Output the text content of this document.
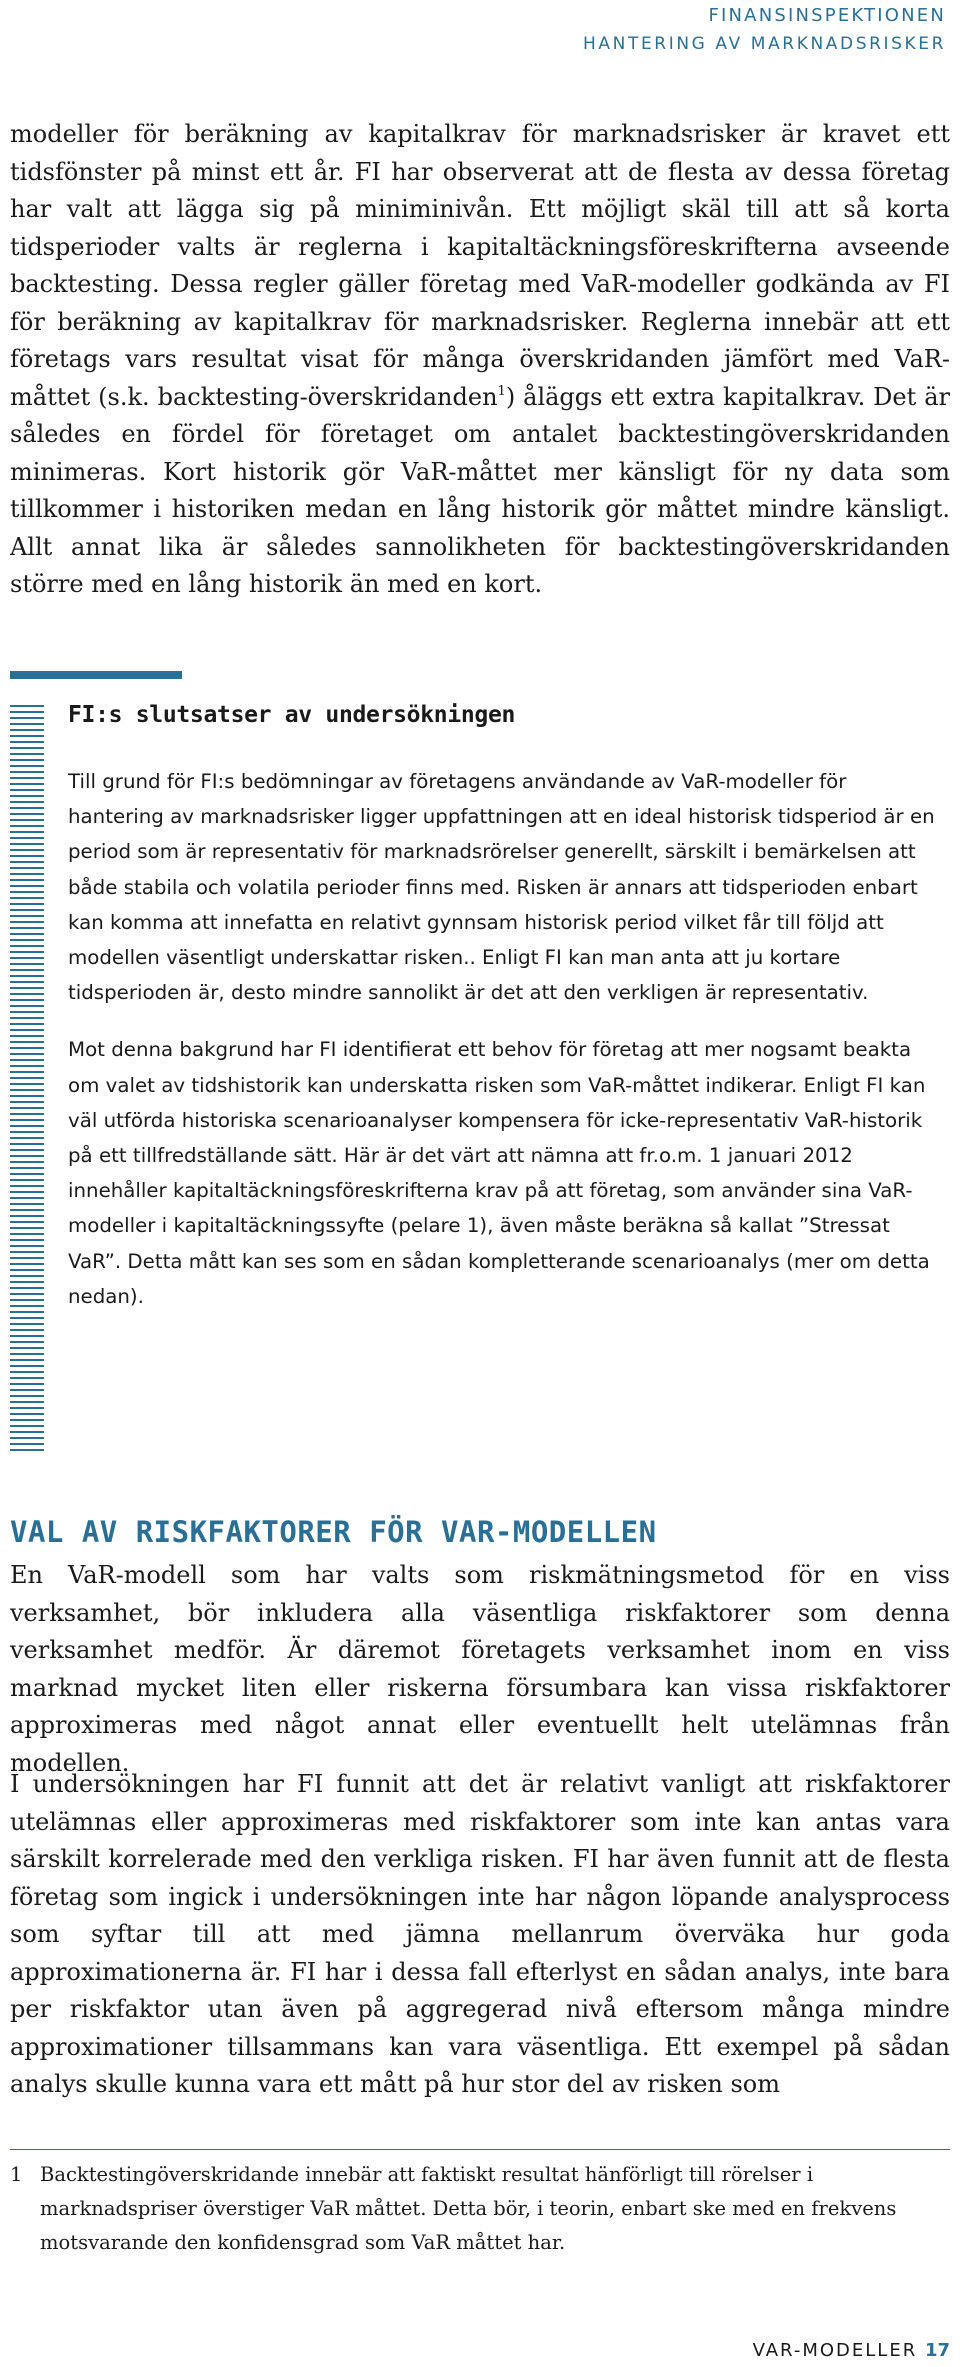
FINANSINSPEKTIONEN
HANTERING AV MARKNADSRISKER

modeller för beräkning av kapitalkrav för marknadsrisker är kravet ett tidsfönster på minst ett år. FI har observerat att de flesta av dessa företag har valt att lägga sig på miniminivån. Ett möjligt skäl till att så korta tidsperioder valts är reglerna i kapitaltäckningsföreskrifterna avseende backtesting. Dessa regler gäller företag med VaR-modeller godkända av FI för beräkning av kapitalkrav för marknadsrisker. Reglerna innebär att ett företags vars resultat visat för många överskridanden jämfört med VaR-måttet (s.k. backtesting-överskridanden$^1$) åläggs ett extra kapitalkrav. Det är således en fördel för företaget om antalet backtestingöverskridanden minimeras. Kort historik gör VaR-måttet mer känsligt för ny data som tillkommer i historiken medan en lång historik gör måttet mindre känsligt. Allt annat lika är således sannolikheten för backtestingöverskridanden större med en lång historik än med en kort.

FI:s slutsatser av undersökningen

Till grund för FI:s bedömningar av företagens användande av VaR-modeller för hantering av marknadsrisker ligger uppfattningen att en ideal historisk tidsperiod är en period som är representativ för marknadsrörelser generellt, särskilt i bemärkelsen att både stabila och volatila perioder finns med. Risken är annars att tidsperioden enbart kan komma att innefatta en relativt gynnsam historisk period vilket får till följd att modellen väsentligt underskattar risken.. Enligt FI kan man anta att ju kortare tidsperioden är, desto mindre sannolikt är det att den verkligen är representativ.

Mot denna bakgrund har FI identifierat ett behov för företag att mer nogsamt beakta om valet av tidshistorik kan underskatta risken som VaR-måttet indikerar. Enligt FI kan väl utförda historiska scenarioanalyser kompensera för icke-representativ VaR-historik på ett tillfredställande sätt. Här är det värt att nämna att fr.o.m. 1 januari 2012 innehåller kapitaltäckningsföreskrifterna krav på att företag, som använder sina VaR-modeller i kapitaltäckningssyfte (pelare 1), även måste beräkna så kallat ”Stressat VaR”. Detta mått kan ses som en sådan kompletterande scenarioanalys (mer om detta nedan).

VAL AV RISKFAKTORER FÖR VAR-MODELLEN

En VaR-modell som har valts som riskmätningsmetod för en viss verksamhet, bör inkludera alla väsentliga riskfaktorer som denna verksamhet medför. Är däremot företagets verksamhet inom en viss marknad mycket liten eller riskerna försumbara kan vissa riskfaktorer approximeras med något annat eller eventuellt helt utelämnas från modellen.

I undersökningen har FI funnit att det är relativt vanligt att riskfaktorer utelämnas eller approximeras med riskfaktorer som inte kan antas vara särskilt korrelerade med den verkliga risken. FI har även funnit att de flesta företag som ingick i undersökningen inte har någon löpande analysprocess som syftar till att med jämna mellanrum överväka hur goda approximationerna är. FI har i dessa fall efterlyst en sådan analys, inte bara per riskfaktor utan även på aggregerad nivå eftersom många mindre approximationer tillsammans kan vara väsentliga. Ett exempel på sådan analys skulle kunna vara ett mått på hur stor del av risken som

1 Backtestingöverskridande innebär att faktiskt resultat hänförligt till rörelser i marknadspriser överstiger VaR måttet. Detta bör, i teorin, enbart ske med en frekvens motsvarande den konfidensgrad som VaR måttet har.

VAR-MODELLER 17
